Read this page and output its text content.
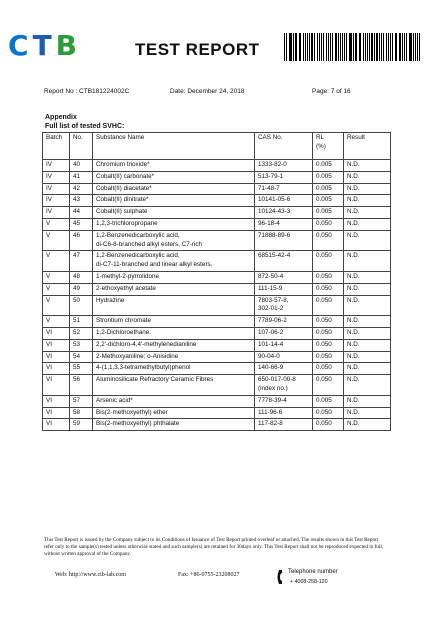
C T B	TEST REPORT
Report No : CTB181224002C	Date: December 24, 2018	Page: 7 of 16
Appendix
Full list of tested SVHC:
Batch	No.	Substance Name	CAS No.	RL
(%)	Result
IV	40	Chromium trioxide*	1333-82-0	0.005	N.D.
IV	41	Cobalt(II) carbonate*	513-79-1	0.005	N.D.
IV	42	Cobalt(II) diacetate*	71-48-7	0.005	N.D.
IV	43	Cobalt(II) dinitrate*	10141-05-6	0.005	N.D.
IV	44	Cobalt(II) sulphate	10124-43-3	0.005	N.D.
V	45	1,2,3-trichloropropane	96-18-4	0.050	N.D.
V	46	1,2-Benzenedicarboxylic acid,
di-C6-8-branched alkyl esters, C7-rich	71888-89-6	0.050	N.D.
V	47	1,2-Benzenedicarboxylic acid,
di-C7-11-branched and linear alkyl esters.	68515-42-4	0.050	N.D.
V	48	1-methyl-2-pyrrolidone	872-50-4	0.050	N.D.
V	49	2-ethoxyethyl acetate	111-15-9	0.050	N.D.
V	50	Hydrazine	7803-57-8,
302-01-2	0.050	N.D.
V	51	Strontium chromate	7789-06-2	0.050	N.D.
VI	52	1,2-Dichloroethane.	107-06-2	0.050	N.D.
VI	53	2,2'-dichloro-4,4'-methylenedianiline	101-14-4	0.050	N.D.
VI	54	2-Methoxyaniline; o-Anisidine	90-04-0	0.050	N.D.
VI	55	4-(1,1,3,3-tetramethylbutyl)phenol	140-66-9	0.050	N.D.
VI	56	Aluminosilicate Refractory Ceramic Fibres	650-017-00-8
(index no.)	0.050	N.D.
VI	57	Arsenic acid*	7778-39-4	0.005	N.D.
VI	58	Bis(2-methoxyethyl) ether	111-96-6	0.050	N.D.
VI	59	Bis(2-methoxyethyl) phthalate	117-82-8	0.050	N.D.
This Test Report is issued by the Company subject to its Conditions of Issuance of Test Report printed overleaf or attached. The results shown in this Test Report refer only to the sample(s) tested unless otherwise stated and such sample(s) are retained for 30days only. This Test Report shall not be reproduced expected in full, without written approval of the Company.
Web: http://www.ctb-lab.com	Fax: +86-0755-23208027	Telephone number
+ 4008-258-120
